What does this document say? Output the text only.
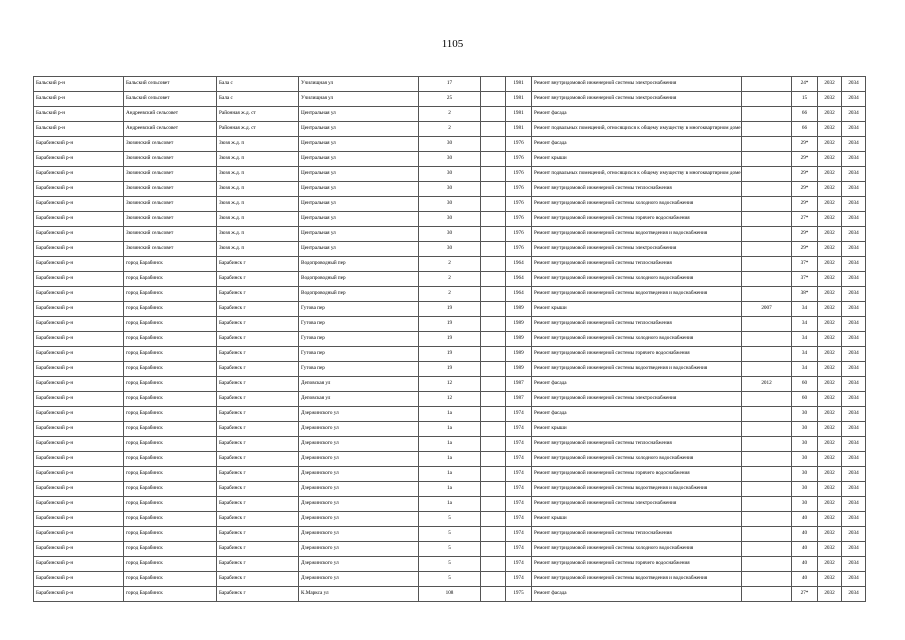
1105
Бальский р-н	Бальский сельсовет	Бала с	Училищная ул	17		1981	Ремонт внутридомовой инженерной системы электроснабжения		24*	2032	2034
Бальский р-н	Бальский сельсовет	Бала с	Училищная ул	25		1981	Ремонт внутридомовой инженерной системы электроснабжения		15	2032	2034
Бальский р-н	Андреевский сельсовет	Районная ж.д. ст	Центральная ул	2		1981	Ремонт фасада		66	2032	2034
Бальский р-н	Андреевский сельсовет	Районная ж.д. ст	Центральная ул	2		1981	Ремонт подвальных помещений, относящихся к общему имуществу в многоквартирном доме		66	2032	2034
Барабинский р-н	Зюзинский сельсовет	Зюзя ж.д. п	Центральная ул	30		1976	Ремонт фасада		29*	2032	2034
Барабинский р-н	Зюзинский сельсовет	Зюзя ж.д. п	Центральная ул	30		1976	Ремонт крыши		29*	2032	2034
Барабинский р-н	Зюзинский сельсовет	Зюзя ж.д. п	Центральная ул	30		1976	Ремонт подвальных помещений, относящихся к общему имуществу в многоквартирном доме		29*	2032	2034
Барабинский р-н	Зюзинский сельсовет	Зюзя ж.д. п	Центральная ул	30		1976	Ремонт внутридомовой инженерной системы теплоснабжения		29*	2032	2034
Барабинский р-н	Зюзинский сельсовет	Зюзя ж.д. п	Центральная ул	30		1976	Ремонт внутридомовой инженерной системы холодного водоснабжения		29*	2032	2034
Барабинский р-н	Зюзинский сельсовет	Зюзя ж.д. п	Центральная ул	30		1976	Ремонт внутридомовой инженерной системы горячего водоснабжения		27*	2032	2034
Барабинский р-н	Зюзинский сельсовет	Зюзя ж.д. п	Центральная ул	30		1976	Ремонт внутридомовой инженерной системы водоотведения и водоснабжения		29*	2032	2034
Барабинский р-н	Зюзинский сельсовет	Зюзя ж.д. п	Центральная ул	30		1976	Ремонт внутридомовой инженерной системы электроснабжения		29*	2032	2034
Барабинский р-н	город Барабинск	Барабинск г	Водопроводный пер	2		1964	Ремонт внутридомовой инженерной системы теплоснабжения		37*	2032	2034
Барабинский р-н	город Барабинск	Барабинск г	Водопроводный пер	2		1964	Ремонт внутридомовой инженерной системы холодного водоснабжения		37*	2032	2034
Барабинский р-н	город Барабинск	Барабинск г	Водопроводный пер	2		1964	Ремонт внутридомовой инженерной системы водоотведения и водоснабжения		38*	2032	2034
Барабинский р-н	город Барабинск	Барабинск г	Гутова пер	19		1989	Ремонт крыши	2007	34	2032	2034
Барабинский р-н	город Барабинск	Барабинск г	Гутова пер	19		1989	Ремонт внутридомовой инженерной системы теплоснабжения		34	2032	2034
Барабинский р-н	город Барабинск	Барабинск г	Гутова пер	19		1989	Ремонт внутридомовой инженерной системы холодного водоснабжения		34	2032	2034
Барабинский р-н	город Барабинск	Барабинск г	Гутова пер	19		1989	Ремонт внутридомовой инженерной системы горячего водоснабжения		34	2032	2034
Барабинский р-н	город Барабинск	Барабинск г	Гутова пер	19		1989	Ремонт внутридомовой инженерной системы водоотведения и водоснабжения		34	2032	2034
Барабинский р-н	город Барабинск	Барабинск г	Деповская ул	12		1987	Ремонт фасада	2012	60	2032	2034
Барабинский р-н	город Барабинск	Барабинск г	Деповская ул	12		1987	Ремонт внутридомовой инженерной системы электроснабжения		60	2032	2034
Барабинский р-н	город Барабинск	Барабинск г	Дзержинского ул	1а		1974	Ремонт фасада		30	2032	2034
Барабинский р-н	город Барабинск	Барабинск г	Дзержинского ул	1а		1974	Ремонт крыши		30	2032	2034
Барабинский р-н	город Барабинск	Барабинск г	Дзержинского ул	1а		1974	Ремонт внутридомовой инженерной системы теплоснабжения		30	2032	2034
Барабинский р-н	город Барабинск	Барабинск г	Дзержинского ул	1а		1974	Ремонт внутридомовой инженерной системы холодного водоснабжения		30	2032	2034
Барабинский р-н	город Барабинск	Барабинск г	Дзержинского ул	1а		1974	Ремонт внутридомовой инженерной системы горячего водоснабжения		30	2032	2034
Барабинский р-н	город Барабинск	Барабинск г	Дзержинского ул	1а		1974	Ремонт внутридомовой инженерной системы водоотведения и водоснабжения		30	2032	2034
Барабинский р-н	город Барабинск	Барабинск г	Дзержинского ул	1а		1974	Ремонт внутридомовой инженерной системы электроснабжения		30	2032	2034
Барабинский р-н	город Барабинск	Барабинск г	Дзержинского ул	5		1974	Ремонт крыши		40	2032	2034
Барабинский р-н	город Барабинск	Барабинск г	Дзержинского ул	5		1974	Ремонт внутридомовой инженерной системы теплоснабжения		40	2032	2034
Барабинский р-н	город Барабинск	Барабинск г	Дзержинского ул	5		1974	Ремонт внутридомовой инженерной системы холодного водоснабжения		40	2032	2034
Барабинский р-н	город Барабинск	Барабинск г	Дзержинского ул	5		1974	Ремонт внутридомовой инженерной системы горячего водоснабжения		40	2032	2034
Барабинский р-н	город Барабинск	Барабинск г	Дзержинского ул	5		1974	Ремонт внутридомовой инженерной системы водоотведения и водоснабжения		40	2032	2034
Барабинский р-н	город Барабинск	Барабинск г	К.Маркса ул	108		1975	Ремонт фасада		27*	2032	2034
